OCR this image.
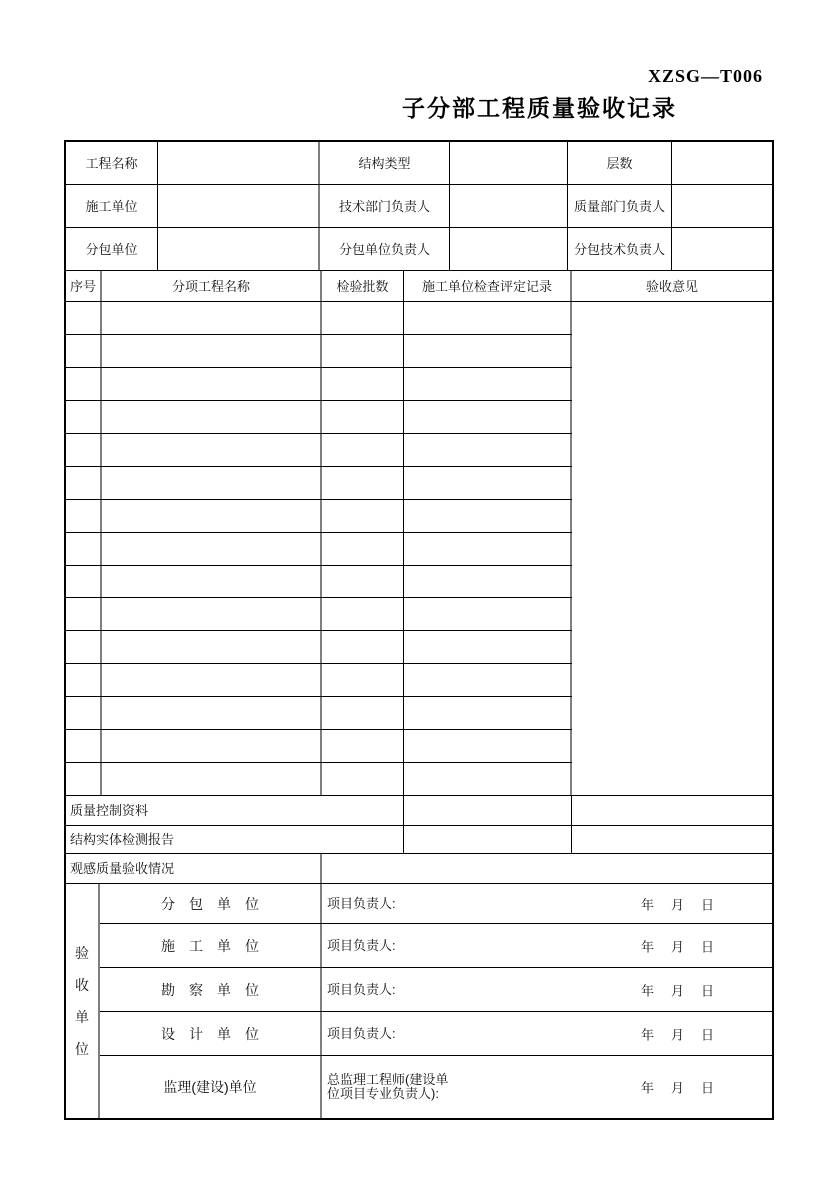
XZSG—T006
子分部工程质量验收记录
工程名称	结构类型	层数
施工单位	技术部门负责人	质量部门负责人
分包单位	分包单位负责人	分包技术负责人
序号	分项工程名称	检验批数	施工单位检查评定记录	验收意见
质量控制资料
结构实体检测报告
观感质量验收情况
验
收
单
位
分　包　单　位	项目负责人:	年　月　日
施　工　单　位	项目负责人:	年　月　日
勘　察　单　位	项目负责人:	年　月　日
设　计　单　位	项目负责人:	年　月　日
监理(建设)单位	总监理工程师(建设单
位项目专业负责人):	年　月　日
